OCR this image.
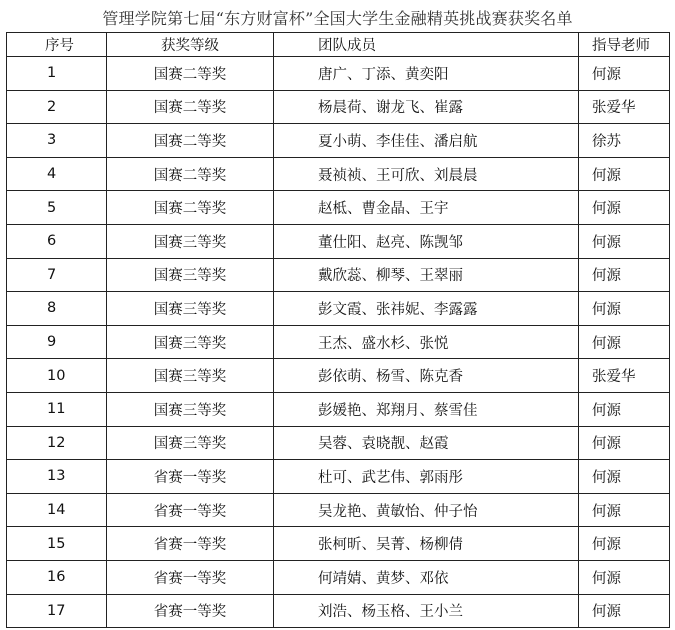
管理学院第七届“东方财富杯”全国大学生金融精英挑战赛获奖名单
序号	获奖等级	团队成员	指导老师
1	国赛二等奖	唐广、丁添、黄奕阳	何源
2	国赛二等奖	杨晨荷、谢龙飞、崔露	张爱华
3	国赛二等奖	夏小萌、李佳佳、潘启航	徐苏
4	国赛二等奖	聂祯祯、王可欣、刘晨晨	何源
5	国赛二等奖	赵柢、曹金晶、王宇	何源
6	国赛三等奖	董仕阳、赵亮、陈觊邹	何源
7	国赛三等奖	戴欣蕊、柳琴、王翠丽	何源
8	国赛三等奖	彭文霞、张祎妮、李露露	何源
9	国赛三等奖	王杰、盛水杉、张悦	何源
10	国赛三等奖	彭依萌、杨雪、陈克香	张爱华
11	国赛三等奖	彭媛艳、郑翔月、蔡雪佳	何源
12	国赛三等奖	吴蓉、袁晓靓、赵霞	何源
13	省赛一等奖	杜可、武艺伟、郭雨彤	何源
14	省赛一等奖	吴龙艳、黄敏怡、仲子怡	何源
15	省赛一等奖	张柯昕、吴菁、杨柳倩	何源
16	省赛一等奖	何靖婧、黄梦、邓依	何源
17	省赛一等奖	刘浩、杨玉格、王小兰	何源
